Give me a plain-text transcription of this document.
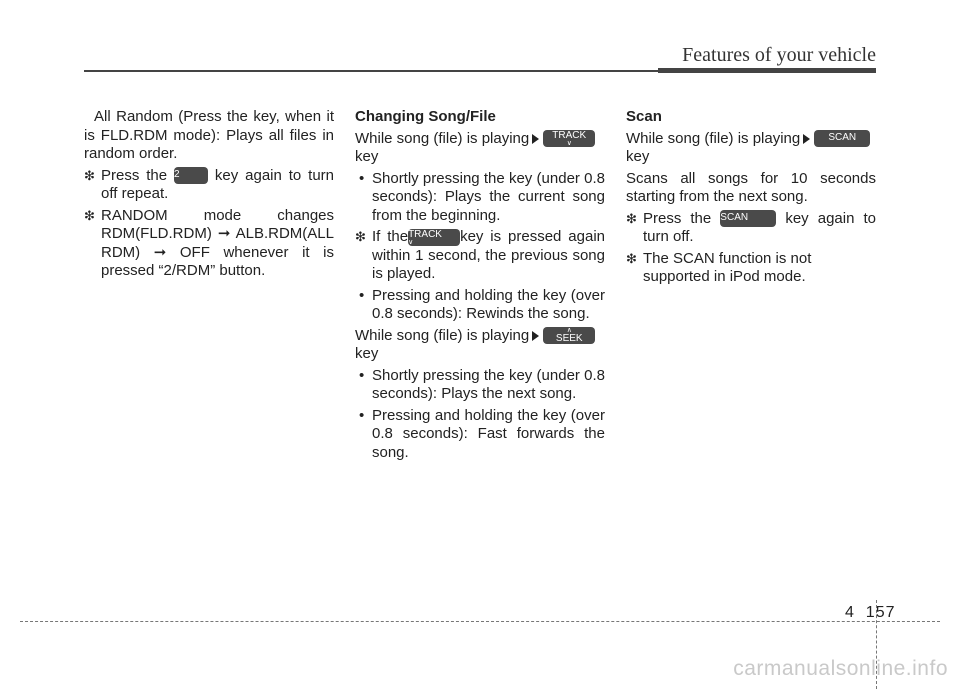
Features of your vehicle

All Random (Press the key, when it is FLD.RDM mode): Plays all files in random order.

❇ Press the 2 key again to turn off repeat.

❇ RANDOM mode changes RDM(FLD.RDM) ➞ ALB.RDM(ALL RDM) ➞ OFF whenever it is pressed “2/RDM” button.

Changing Song/File

While song (file) is playing TRACK
∨

key

• Shortly pressing the key (under 0.8 seconds): Plays the current song from the beginning.

❇ If theTRACK
∨	key is pressed again within 1 second, the previous song is played.

• Pressing and holding the key (over 0.8 seconds): Rewinds the song.

While song (file) is playing	∧
SEEK
key

• Shortly pressing the key (under 0.8 seconds): Plays the next song.

• Pressing and holding the key (over 0.8 seconds): Fast forwards the song.

Scan

While song (file) is playing	SCAN
key

Scans all songs for 10 seconds starting from the next song.

❇ Press the SCAN key again to turn off.

❇ The SCAN function is not supported in iPod mode.

4 157
carmanualsonline.info
